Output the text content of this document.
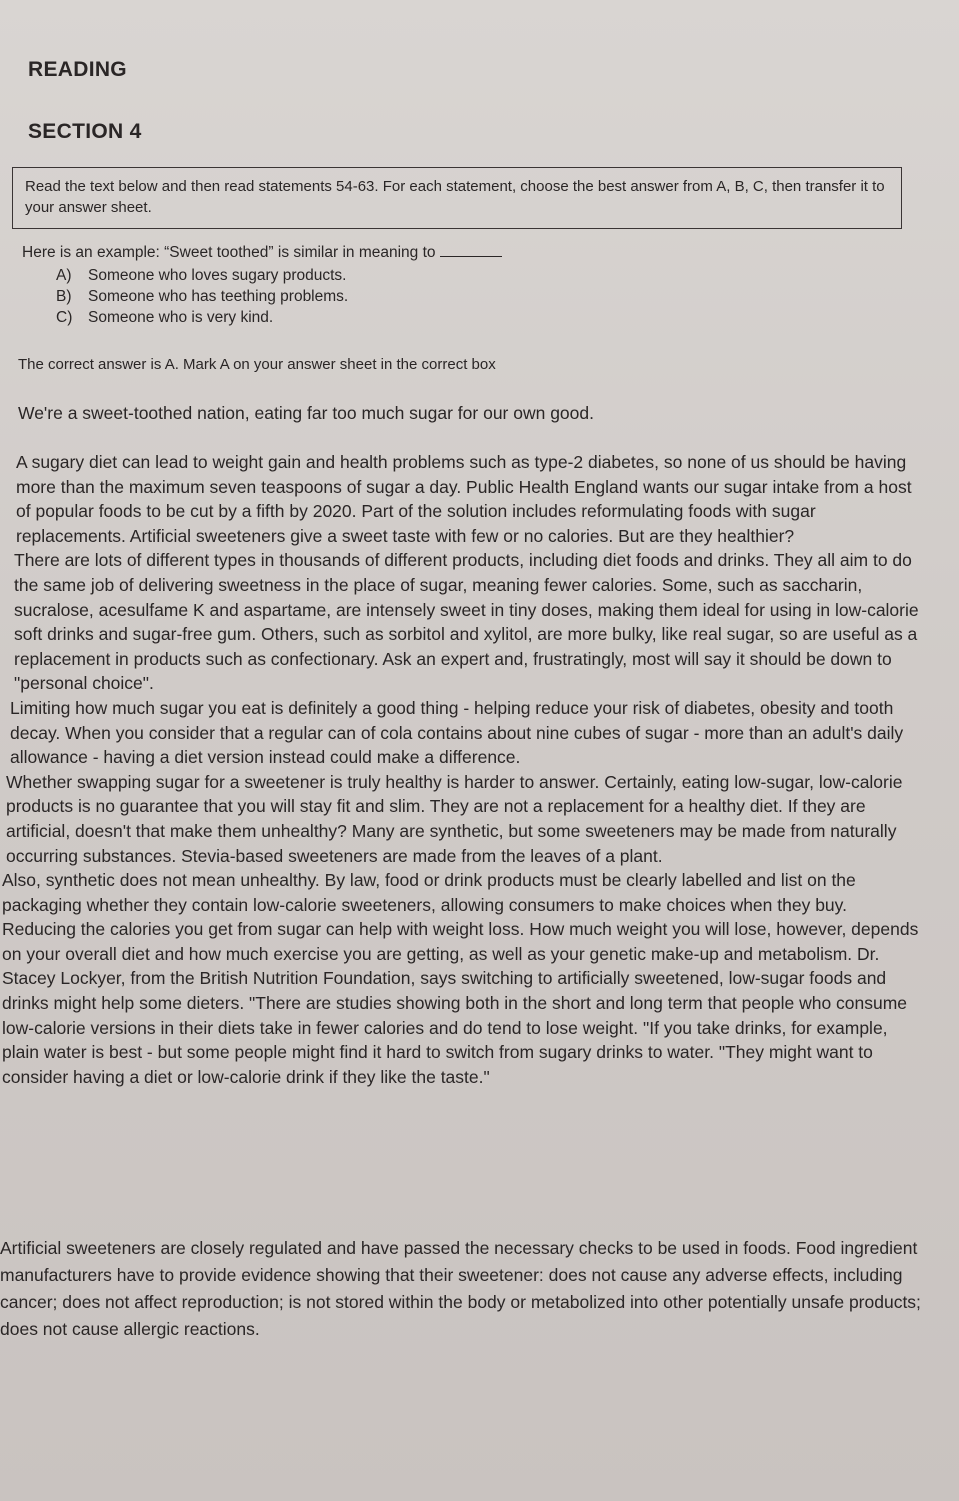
READING
SECTION 4
Read the text below and then read statements 54-63. For each statement, choose the best answer from A, B, C, then transfer it to your answer sheet.
Here is an example: “Sweet toothed” is similar in meaning to
A)	Someone who loves sugary products.
B)	Someone who has teething problems.
C)	Someone who is very kind.
The correct answer is A. Mark A on your answer sheet in the correct box
We're a sweet-toothed nation, eating far too much sugar for our own good.

A sugary diet can lead to weight gain and health problems such as type-2 diabetes, so none of us should be having more than the maximum seven teaspoons of sugar a day. Public Health England wants our sugar intake from a host of popular foods to be cut by a fifth by 2020. Part of the solution includes reformulating foods with sugar replacements. Artificial sweeteners give a sweet taste with few or no calories. But are they healthier?

There are lots of different types in thousands of different products, including diet foods and drinks. They all aim to do the same job of delivering sweetness in the place of sugar, meaning fewer calories. Some, such as saccharin, sucralose, acesulfame K and aspartame, are intensely sweet in tiny doses, making them ideal for using in low-calorie soft drinks and sugar-free gum. Others, such as sorbitol and xylitol, are more bulky, like real sugar, so are useful as a replacement in products such as confectionary. Ask an expert and, frustratingly, most will say it should be down to "personal choice".

Limiting how much sugar you eat is definitely a good thing - helping reduce your risk of diabetes, obesity and tooth decay. When you consider that a regular can of cola contains about nine cubes of sugar - more than an adult's daily allowance - having a diet version instead could make a difference.

Whether swapping sugar for a sweetener is truly healthy is harder to answer. Certainly, eating low-sugar, low-calorie products is no guarantee that you will stay fit and slim. They are not a replacement for a healthy diet. If they are artificial, doesn't that make them unhealthy? Many are synthetic, but some sweeteners may be made from naturally occurring substances. Stevia-based sweeteners are made from the leaves of a plant.

Also, synthetic does not mean unhealthy. By law, food or drink products must be clearly labelled and list on the packaging whether they contain low-calorie sweeteners, allowing consumers to make choices when they buy.

Reducing the calories you get from sugar can help with weight loss. How much weight you will lose, however, depends on your overall diet and how much exercise you are getting, as well as your genetic make-up and metabolism. Dr. Stacey Lockyer, from the British Nutrition Foundation, says switching to artificially sweetened, low-sugar foods and drinks might help some dieters. "There are studies showing both in the short and long term that people who consume low-calorie versions in their diets take in fewer calories and do tend to lose weight. "If you take drinks, for example, plain water is best - but some people might find it hard to switch from sugary drinks to water. "They might want to consider having a diet or low-calorie drink if they like the taste."

Artificial sweeteners are closely regulated and have passed the necessary checks to be used in foods. Food ingredient manufacturers have to provide evidence showing that their sweetener: does not cause any adverse effects, including cancer; does not affect reproduction; is not stored within the body or metabolized into other potentially unsafe products; does not cause allergic reactions.
